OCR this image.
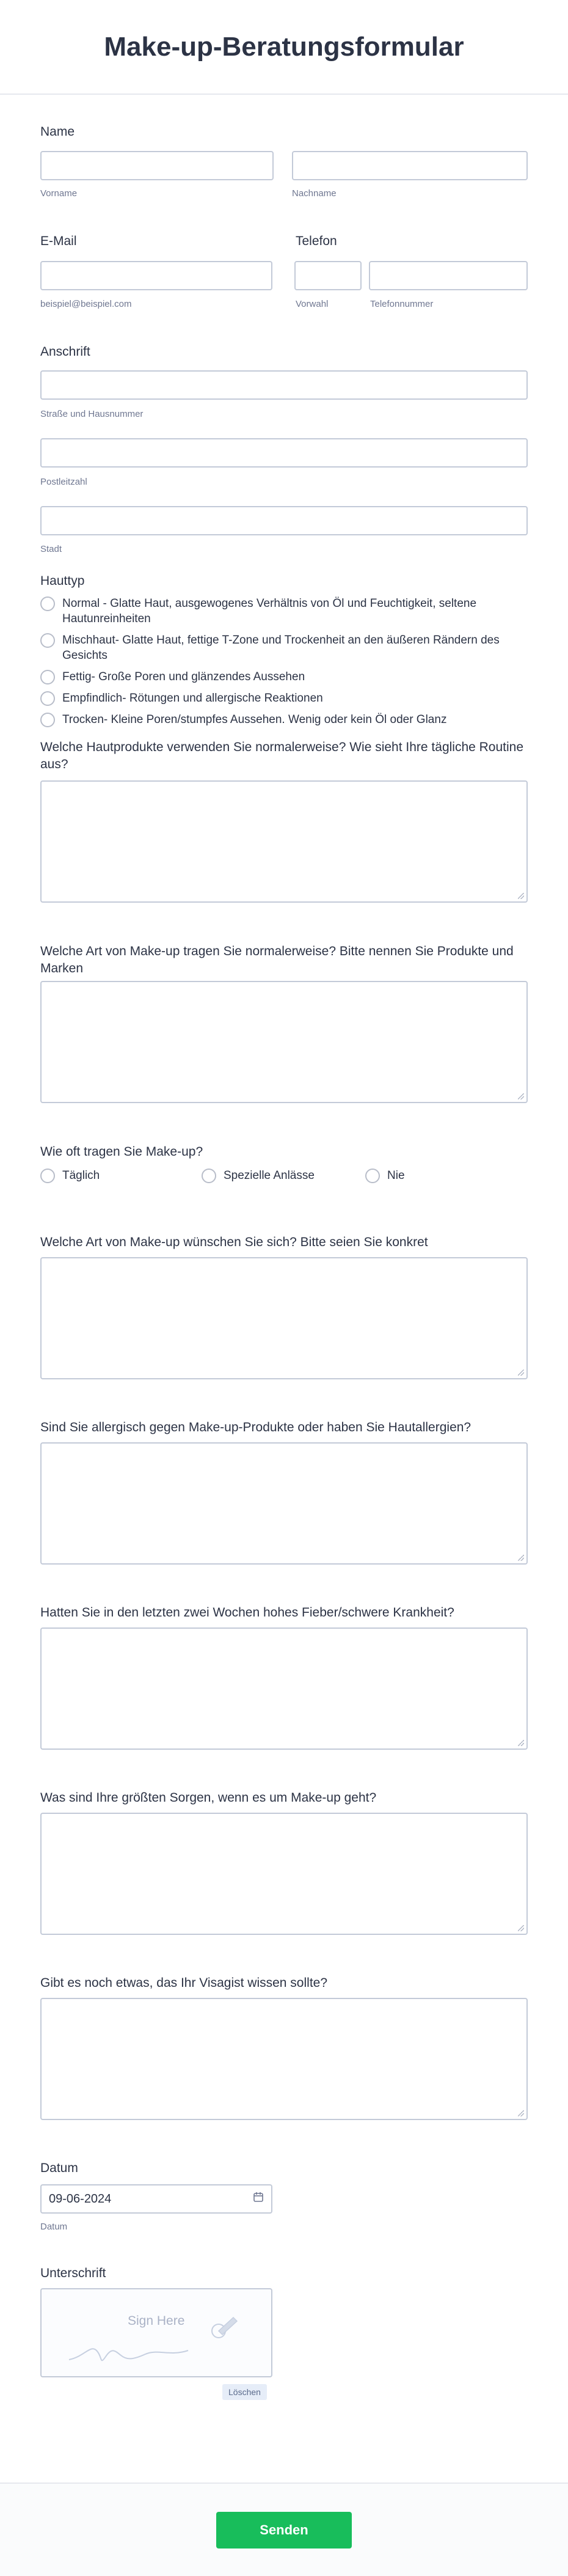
Make-up-Beratungsformular
Name
Vorname	Nachname
E-Mail
beispiel@beispiel.com
Telefon
Vorwahl	Telefonnummer
Anschrift
Straße und Hausnummer
Postleitzahl
Stadt
Hauttyp
Normal - Glatte Haut, ausgewogenes Verhältnis von Öl und Feuchtigkeit, seltene Hautunreinheiten
Mischhaut- Glatte Haut, fettige T-Zone und Trockenheit an den äußeren Rändern des Gesichts
Fettig- Große Poren und glänzendes Aussehen
Empfindlich- Rötungen und allergische Reaktionen
Trocken- Kleine Poren/stumpfes Aussehen. Wenig oder kein Öl oder Glanz
Welche Hautprodukte verwenden Sie normalerweise? Wie sieht Ihre tägliche Routine aus?
Welche Art von Make-up tragen Sie normalerweise? Bitte nennen Sie Produkte und Marken
Wie oft tragen Sie Make-up?
Täglich	Spezielle Anlässe	Nie
Welche Art von Make-up wünschen Sie sich? Bitte seien Sie konkret
Sind Sie allergisch gegen Make-up-Produkte oder haben Sie Hautallergien?
Hatten Sie in den letzten zwei Wochen hohes Fieber/schwere Krankheit?
Was sind Ihre größten Sorgen, wenn es um Make-up geht?
Gibt es noch etwas, das Ihr Visagist wissen sollte?
Datum
09-06-2024
Datum
Unterschrift
Sign Here
Löschen
Senden
